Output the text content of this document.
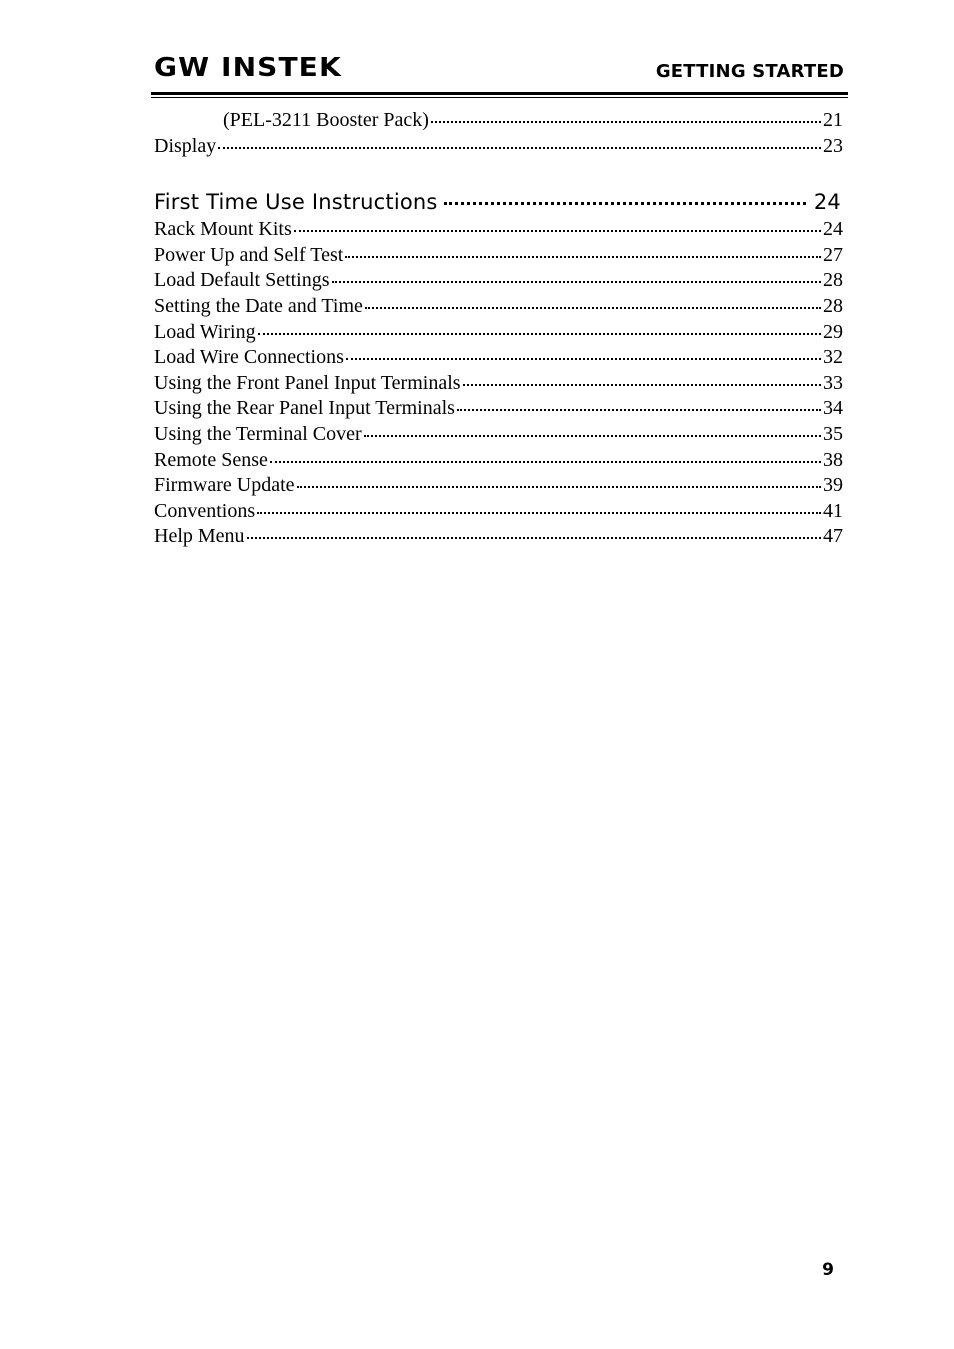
GW INSTEK	GETTING STARTED
(PEL-3211 Booster Pack)	21
Display	23
First Time Use Instructions	24
Rack Mount Kits	24
Power Up and Self Test	27
Load Default Settings	28
Setting the Date and Time	28
Load Wiring	29
Load Wire Connections	32
Using the Front Panel Input Terminals	33
Using the Rear Panel Input Terminals	34
Using the Terminal Cover	35
Remote Sense	38
Firmware Update	39
Conventions	41
Help Menu	47
9
